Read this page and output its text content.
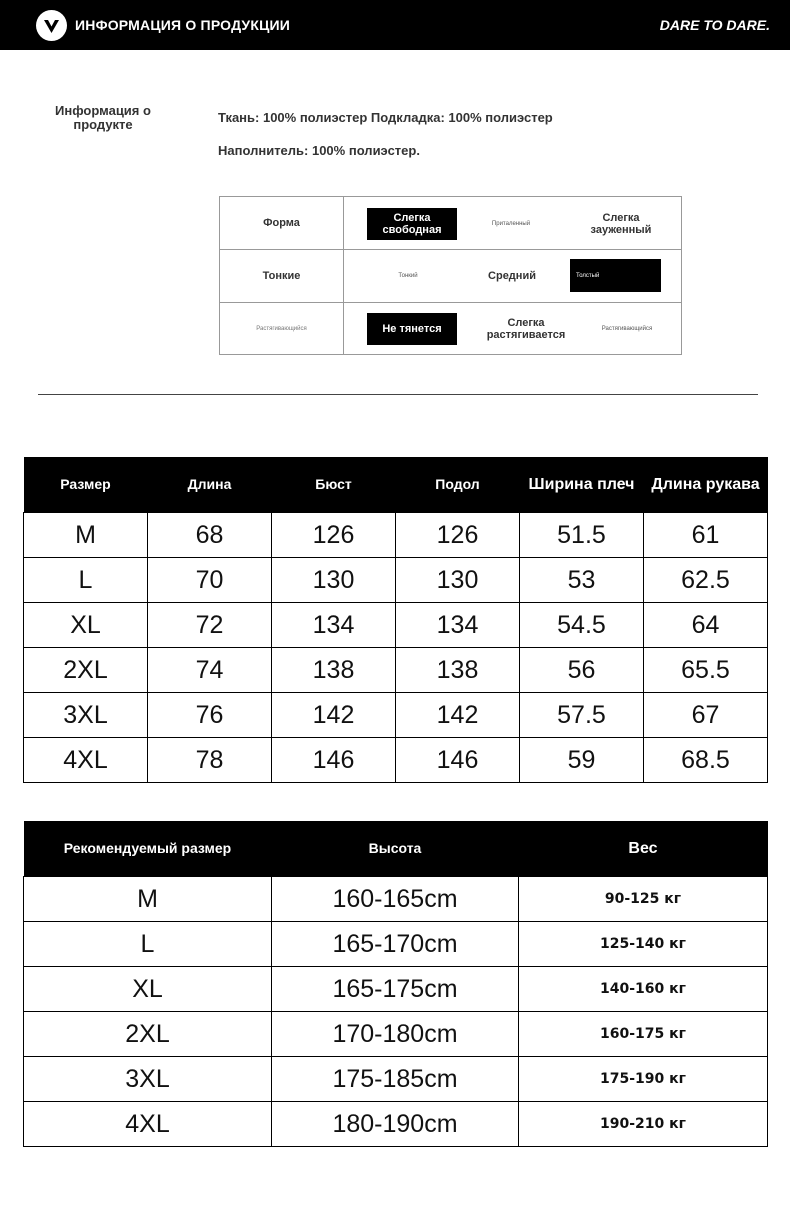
ИНФОРМАЦИЯ О ПРОДУКЦИИ	DARE TO DARE.
Информация о продукте	Ткань: 100% полиэстер Подкладка: 100% полиэстер
Наполнитель: 100% полиэстер.
Форма	Слегка свободная	Приталенный	Слегка зауженный
Тонкие	Тонкий	Средний	Толстый
Растягивающийся	Не тянется	Слегка растягивается	Растягивающийся
Размер	Длина	Бюст	Подол	Ширина плеч	Длина рукава
M	68	126	126	51.5	61
L	70	130	130	53	62.5
XL	72	134	134	54.5	64
2XL	74	138	138	56	65.5
3XL	76	142	142	57.5	67
4XL	78	146	146	59	68.5
Рекомендуемый размер	Высота	Вес
M	160-165cm	90-125 кг
L	165-170cm	125-140 кг
XL	165-175cm	140-160 кг
2XL	170-180cm	160-175 кг
3XL	175-185cm	175-190 кг
4XL	180-190cm	190-210 кг
